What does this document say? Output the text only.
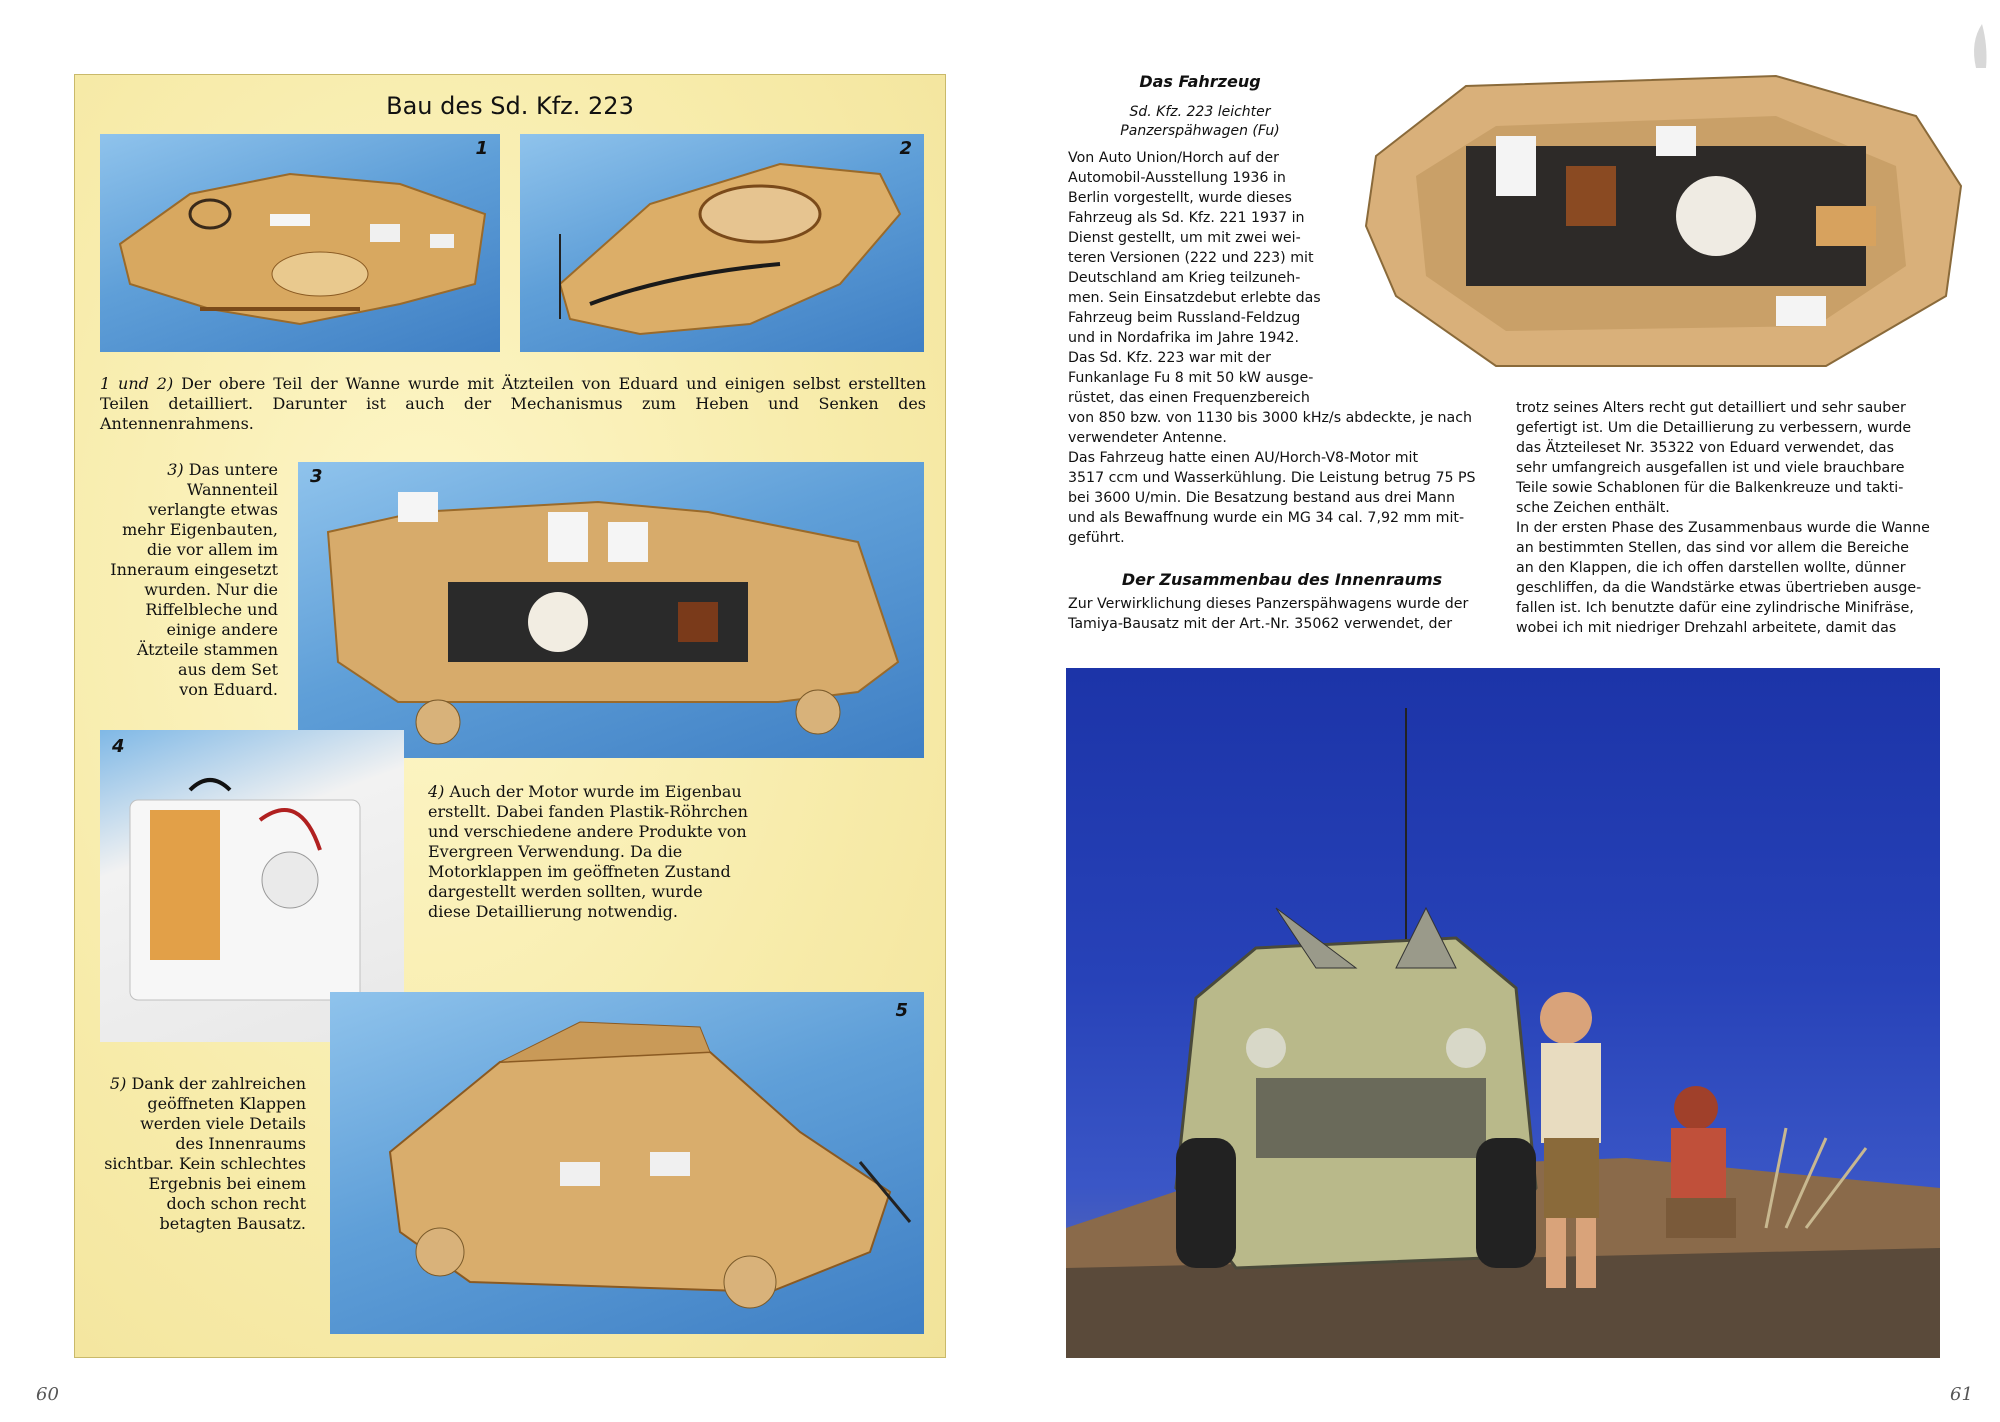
Bau des Sd. Kfz. 223
1	2
1 und 2) Der obere Teil der Wanne wurde mit Ätzteilen von Eduard und einigen selbst erstellten Teilen detailliert. Darunter ist auch der Mechanismus zum Heben und Senken des Antennenrahmens.
3) Das untere
Wannenteil
verlangte etwas
mehr Eigenbauten,
die vor allem im
Inneraum eingesetzt
wurden. Nur die
Riffelbleche und
einige andere
Ätzteile stammen
aus dem Set
von Eduard.
3
4
4) Auch der Motor wurde im Eigenbau
erstellt. Dabei fanden Plastik-Röhrchen
und verschiedene andere Produkte von
Evergreen Verwendung. Da die
Motorklappen im geöffneten Zustand
dargestellt werden sollten, wurde
diese Detaillierung notwendig.
5
5) Dank der zahlreichen
geöffneten Klappen
werden viele Details
des Innenraums
sichtbar. Kein schlechtes
Ergebnis bei einem
doch schon recht
betagten Bausatz.
60
Das Fahrzeug
Sd. Kfz. 223 leichter
Panzerspähwagen (Fu)
Von Auto Union/Horch auf der
Automobil-Ausstellung 1936 in
Berlin vorgestellt, wurde dieses
Fahrzeug als Sd. Kfz. 221 1937 in
Dienst gestellt, um mit zwei wei-
teren Versionen (222 und 223) mit
Deutschland am Krieg teilzuneh-
men. Sein Einsatzdebut erlebte das
Fahrzeug beim Russland-Feldzug
und in Nordafrika im Jahre 1942.
Das Sd. Kfz. 223 war mit der
Funkanlage Fu 8 mit 50 kW ausge-
rüstet, das einen Frequenzbereich
von 850 bzw. von 1130 bis 3000 kHz/s abdeckte, je nach
verwendeter Antenne.
Das Fahrzeug hatte einen AU/Horch-V8-Motor mit
3517 ccm und Wasserkühlung. Die Leistung betrug 75 PS
bei 3600 U/min. Die Besatzung bestand aus drei Mann
und als Bewaffnung wurde ein MG 34 cal. 7,92 mm mit-
geführt.
Der Zusammenbau des Innenraums
Zur Verwirklichung dieses Panzerspähwagens wurde der
Tamiya-Bausatz mit der Art.-Nr. 35062 verwendet, der
trotz seines Alters recht gut detailliert und sehr sauber
gefertigt ist. Um die Detaillierung zu verbessern, wurde
das Ätzteileset Nr. 35322 von Eduard verwendet, das
sehr umfangreich ausgefallen ist und viele brauchbare
Teile sowie Schablonen für die Balkenkreuze und takti-
sche Zeichen enthält.
In der ersten Phase des Zusammenbaus wurde die Wanne
an bestimmten Stellen, das sind vor allem die Bereiche
an den Klappen, die ich offen darstellen wollte, dünner
geschliffen, da die Wandstärke etwas übertrieben ausge-
fallen ist. Ich benutzte dafür eine zylindrische Minifräse,
wobei ich mit niedriger Drehzahl arbeitete, damit das
61
